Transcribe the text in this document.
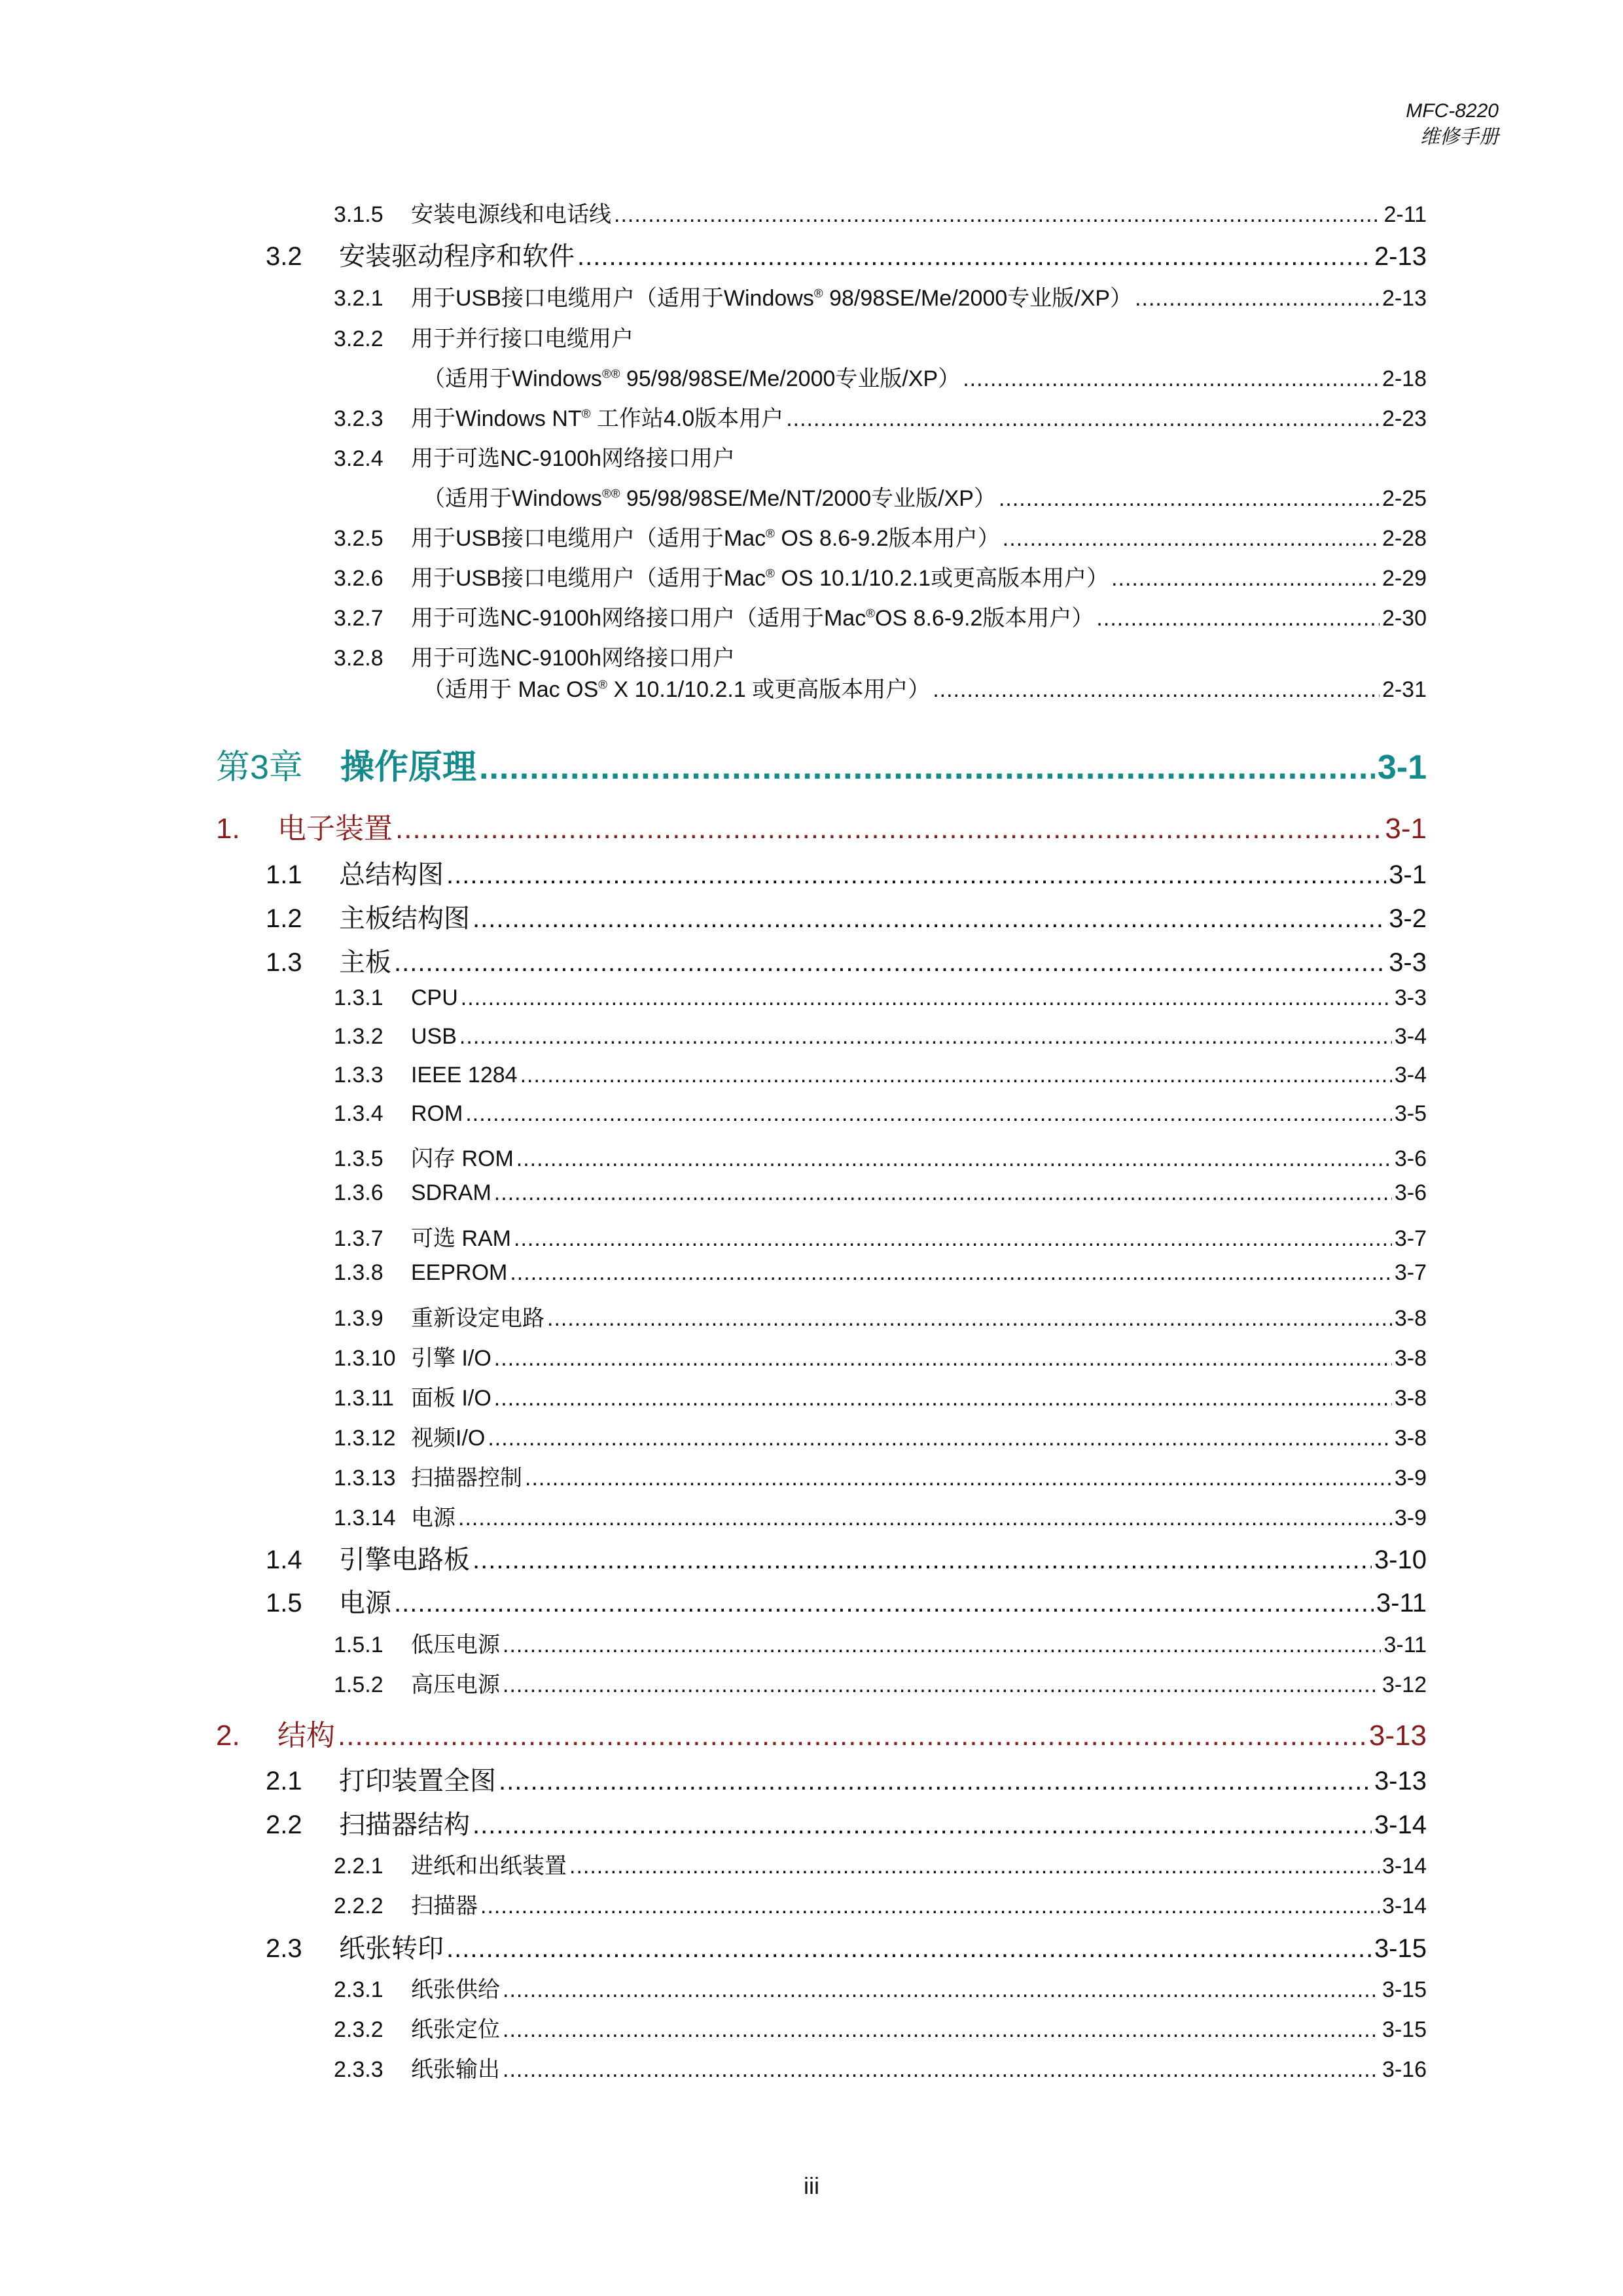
MFC-8220
维修手册
3.1.5	安装电源线和电话线 .....	2-11
3.2	安装驱动程序和软件 .....	2-13
3.2.1	用于USB接口电缆用户（适用于Windows® 98/98SE/Me/2000专业版/XP） .....	2-13
3.2.2	用于并行接口电缆用户
（适用于Windows®® 95/98/98SE/Me/2000专业版/XP） .....	2-18
3.2.3	用于Windows NT® 工作站4.0版本用户 .....	2-23
3.2.4	用于可选NC-9100h网络接口用户
（适用于Windows®® 95/98/98SE/Me/NT/2000专业版/XP） .....	2-25
3.2.5	用于USB接口电缆用户（适用于Mac® OS 8.6-9.2版本用户） .....	2-28
3.2.6	用于USB接口电缆用户（适用于Mac® OS 10.1/10.2.1或更高版本用户） .....	2-29
3.2.7	用于可选NC-9100h网络接口用户（适用于Mac®OS 8.6-9.2版本用户） .....	2-30
3.2.8	用于可选NC-9100h网络接口用户
（适用于 Mac OS® X 10.1/10.2.1 或更高版本用户） .....	2-31
第3章	操作原理 .....	3-1
1.	电子装置 .....	3-1
1.1	总结构图 .....	3-1
1.2	主板结构图 .....	3-2
1.3	主板 .....	3-3
1.3.1	CPU .....	3-3
1.3.2	USB .....	3-4
1.3.3	IEEE 1284 .....	3-4
1.3.4	ROM .....	3-5
1.3.5	闪存 ROM .....	3-6
1.3.6	SDRAM .....	3-6
1.3.7	可选 RAM .....	3-7
1.3.8	EEPROM .....	3-7
1.3.9	重新设定电路 .....	3-8
1.3.10 引擎 I/O .....	3-8
1.3.11 面板 I/O .....	3-8
1.3.12 视频I/O .....	3-8
1.3.13 扫描器控制 .....	3-9
1.3.14 电源 .....	3-9
1.4	引擎电路板 .....	3-10
1.5	电源 .....	3-11
1.5.1	低压电源 .....	3-11
1.5.2	高压电源 .....	3-12
2.	结构 .....	3-13
2.1	打印装置全图 .....	3-13
2.2	扫描器结构 .....	3-14
2.2.1	进纸和出纸装置 .....	3-14
2.2.2	扫描器 .....	3-14
2.3	纸张转印 .....	3-15
2.3.1	纸张供给 .....	3-15
2.3.2	纸张定位 .....	3-15
2.3.3	纸张输出 .....	3-16
iii
